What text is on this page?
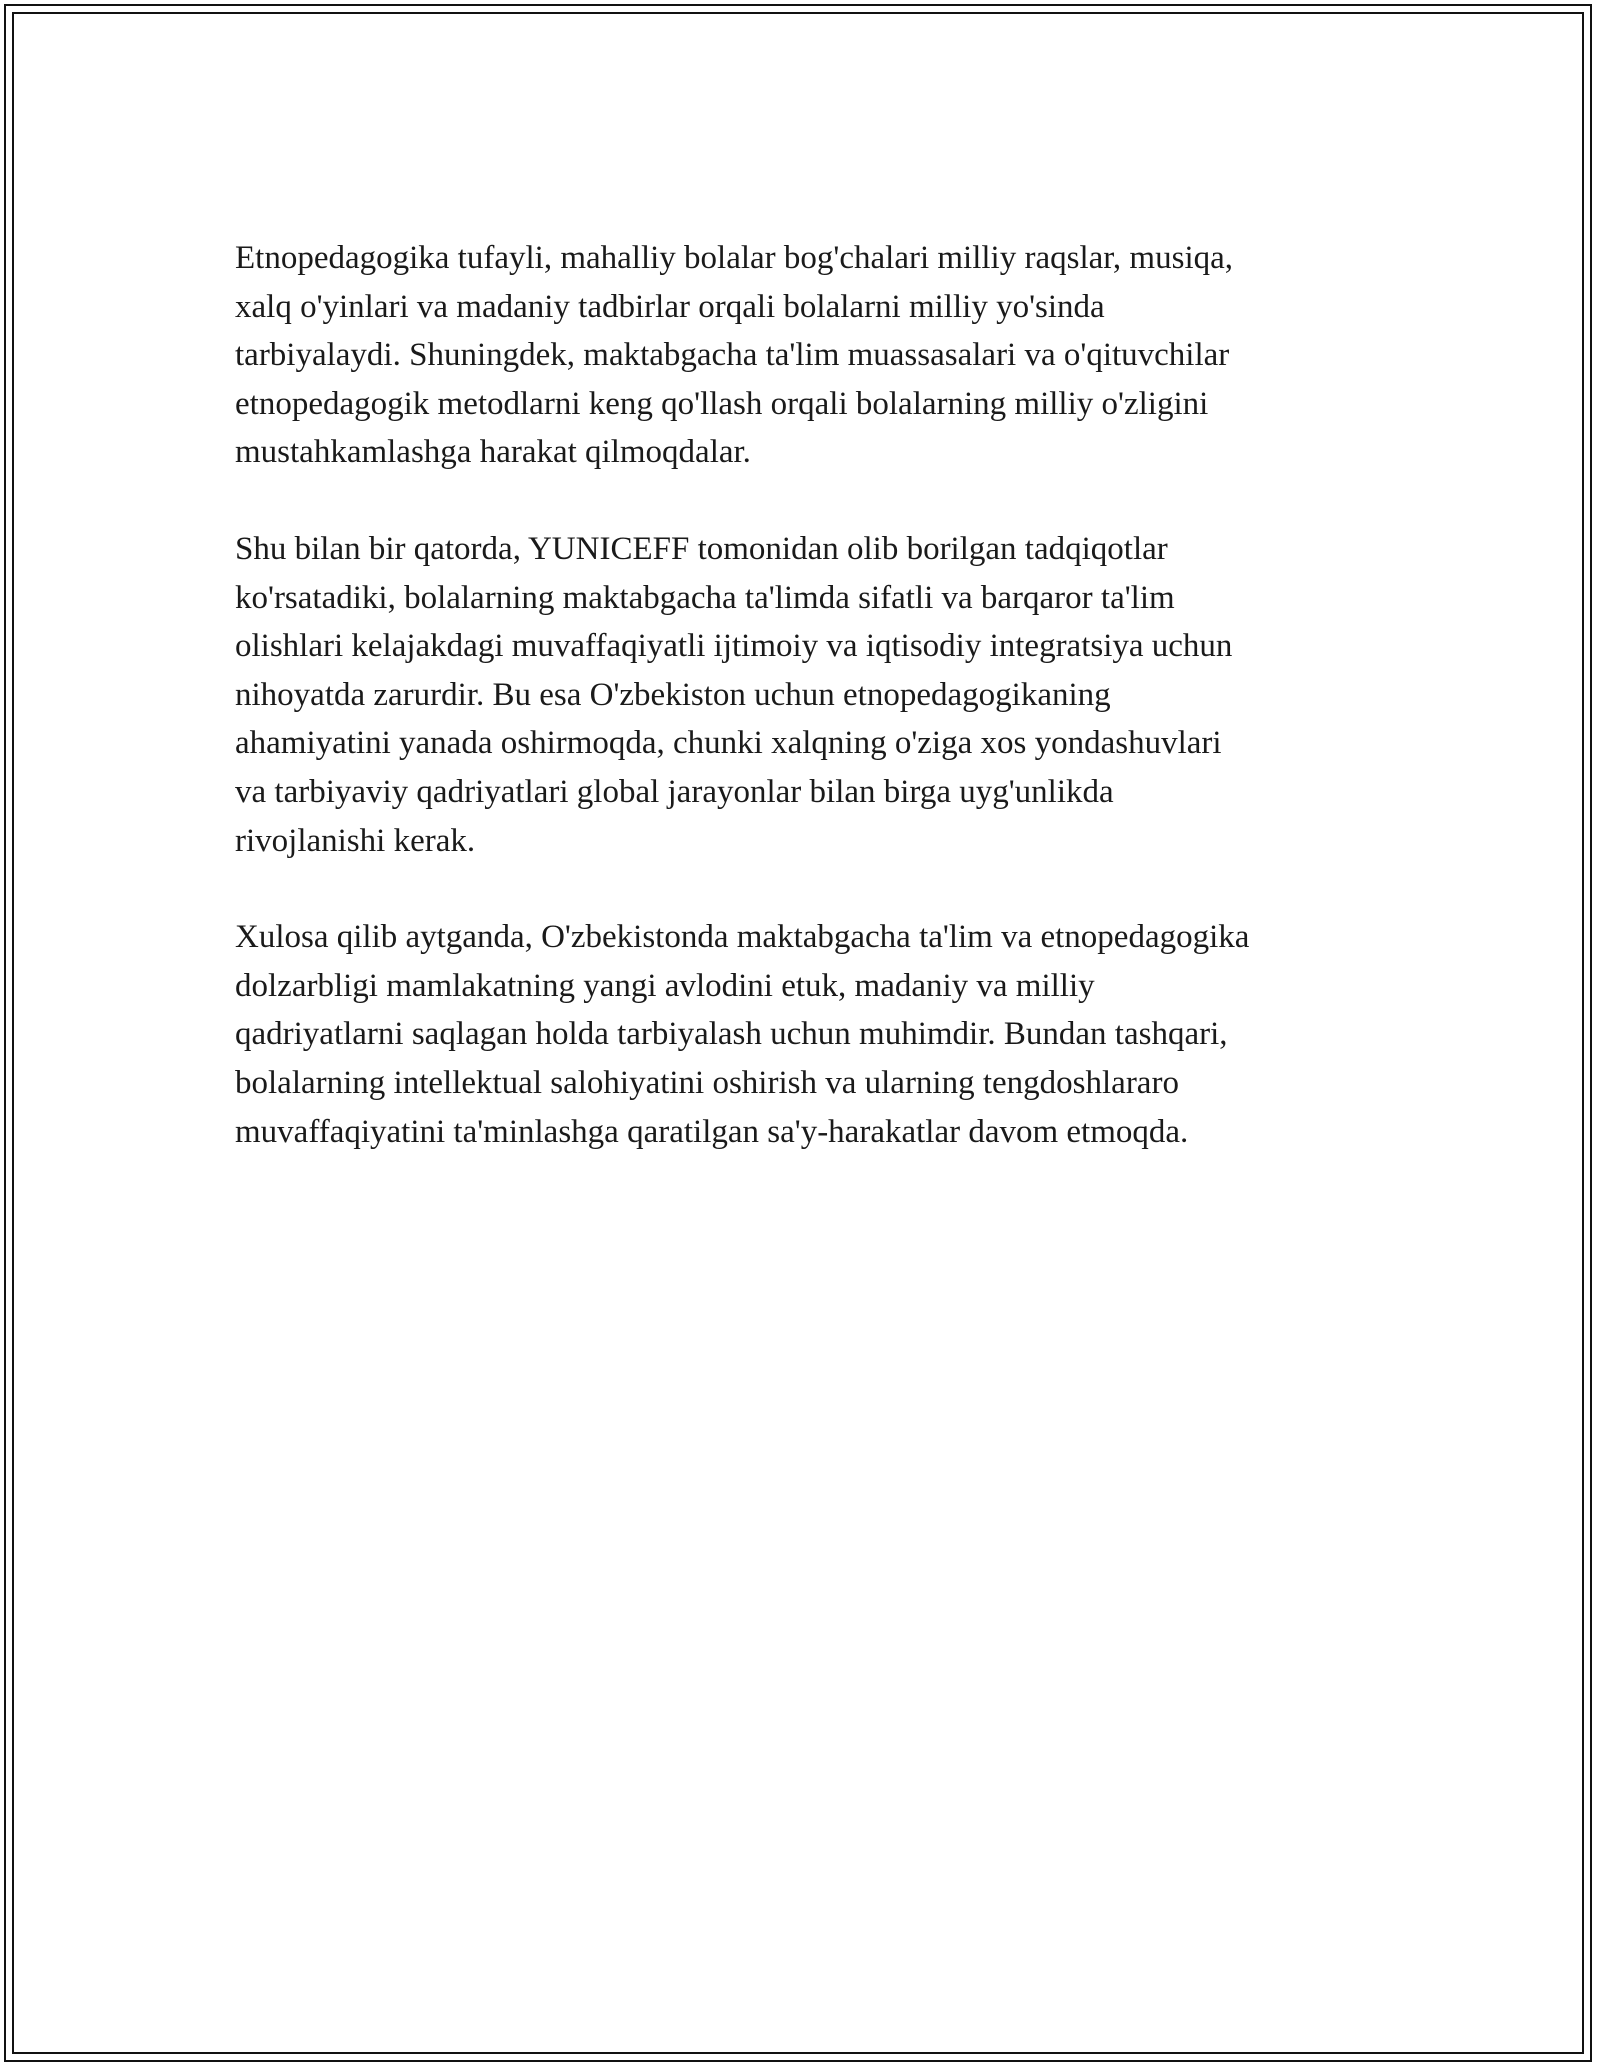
Etnopedagogika tufayli, mahalliy bolalar bog'chalari milliy raqslar, musiqa,
xalq o'yinlari va madaniy tadbirlar orqali bolalarni milliy yo'sinda
tarbiyalaydi. Shuningdek, maktabgacha ta'lim muassasalari va o'qituvchilar
etnopedagogik metodlarni keng qo'llash orqali bolalarning milliy o'zligini
mustahkamlashga harakat qilmoqdalar.

Shu bilan bir qatorda, YUNICEFF tomonidan olib borilgan tadqiqotlar
ko'rsatadiki, bolalarning maktabgacha ta'limda sifatli va barqaror ta'lim
olishlari kelajakdagi muvaffaqiyatli ijtimoiy va iqtisodiy integratsiya uchun
nihoyatda zarurdir. Bu esa O'zbekiston uchun etnopedagogikaning
ahamiyatini yanada oshirmoqda, chunki xalqning o'ziga xos yondashuvlari
va tarbiyaviy qadriyatlari global jarayonlar bilan birga uyg'unlikda
rivojlanishi kerak.

Xulosa qilib aytganda, O'zbekistonda maktabgacha ta'lim va etnopedagogika
dolzarbligi mamlakatning yangi avlodini etuk, madaniy va milliy
qadriyatlarni saqlagan holda tarbiyalash uchun muhimdir. Bundan tashqari,
bolalarning intellektual salohiyatini oshirish va ularning tengdoshlararo
muvaffaqiyatini ta'minlashga qaratilgan sa'y-harakatlar davom etmoqda.
